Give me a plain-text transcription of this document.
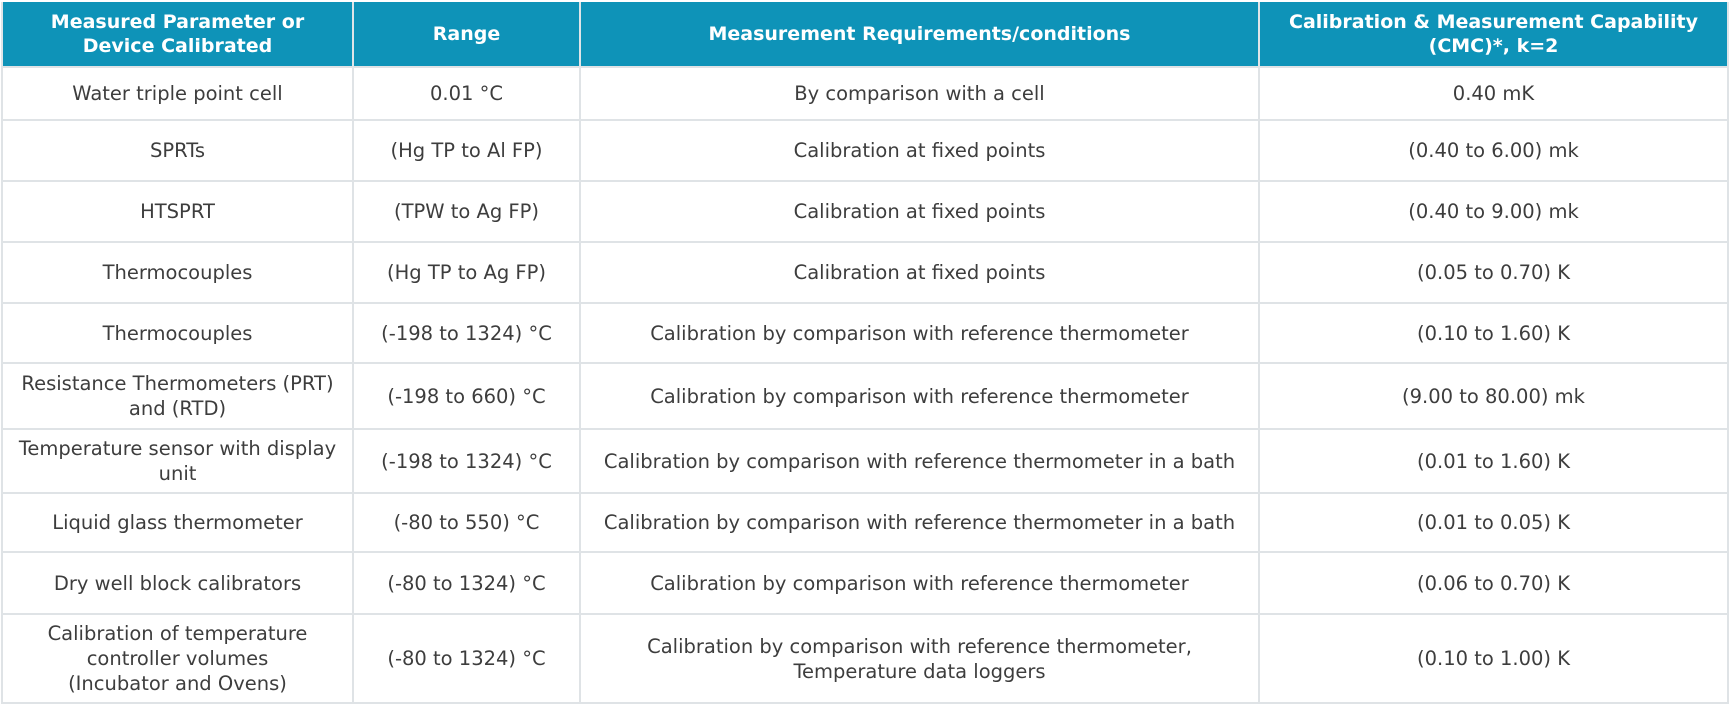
Measured Parameter or
Device Calibrated	Range	Measurement Requirements/conditions	Calibration & Measurement Capability
(CMC)*, k=2

Water triple point cell	0.01 °C	By comparison with a cell	0.40 mK

SPRTs	(Hg TP to Al FP)	Calibration at fixed points	(0.40 to 6.00) mk

HTSPRT	(TPW to Ag FP)	Calibration at fixed points	(0.40 to 9.00) mk

Thermocouples	(Hg TP to Ag FP)	Calibration at fixed points	(0.05 to 0.70) K

Thermocouples	(-198 to 1324) °C	Calibration by comparison with reference thermometer	(0.10 to 1.60) K

Resistance Thermometers (PRT)
and (RTD)	(-198 to 660) °C	Calibration by comparison with reference thermometer	(9.00 to 80.00) mk

Temperature sensor with display
unit	(-198 to 1324) °C	Calibration by comparison with reference thermometer in a bath	(0.01 to 1.60) K

Liquid glass thermometer	(-80 to 550) °C	Calibration by comparison with reference thermometer in a bath	(0.01 to 0.05) K

Dry well block calibrators	(-80 to 1324) °C	Calibration by comparison with reference thermometer	(0.06 to 0.70) K

Calibration of temperature
controller volumes
(Incubator and Ovens)	(-80 to 1324) °C	Calibration by comparison with reference thermometer,
Temperature data loggers	(0.10 to 1.00) K
